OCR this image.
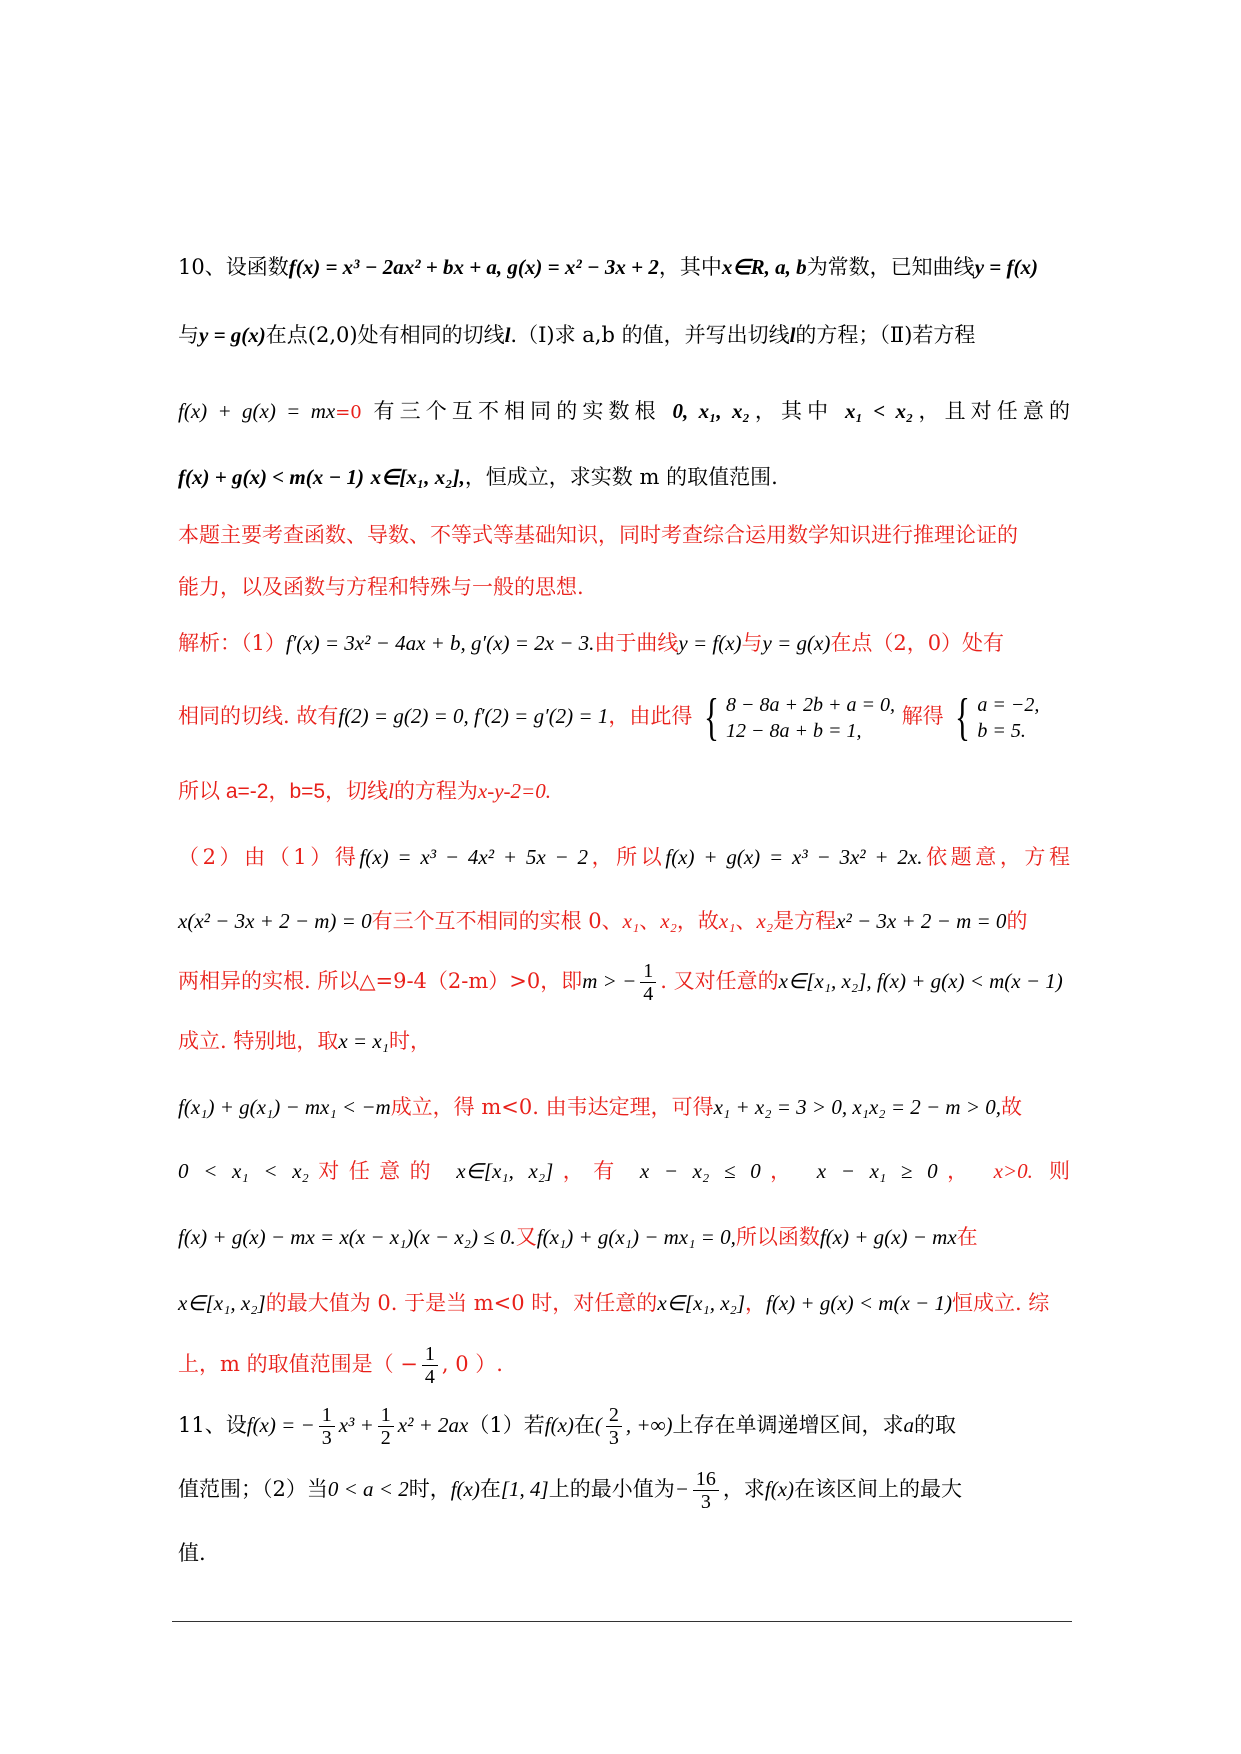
10、设函数f(x) = x³ − 2ax² + bx + a, g(x) = x² − 3x + 2，其中x∈R, a, b为常数，已知曲线y = f(x)
与y = g(x)在点(2,0)处有相同的切线l.（Ⅰ)求 a,b 的值，并写出切线l的方程；（Ⅱ)若方程
f(x) + g(x) = mx=0 有三个互不相同的实数根 0, x₁, x₂，其中 x₁ < x₂，且对任意的
f(x) + g(x) < m(x − 1) x∈[x₁, x₂],，恒成立，求实数 m 的取值范围.
本题主要考查函数、导数、不等式等基础知识，同时考查综合运用数学知识进行推理论证的
能力，以及函数与方程和特殊与一般的思想.
解析：（1）f′(x) = 3x² − 4ax + b, g′(x) = 2x − 3.由于曲线y = f(x)与y = g(x)在点（2，0）处有
相同的切线. 故有f(2) = g(2) = 0, f′(2) = g′(2) = 1，由此得 { 8 − 8a + 2b + a = 0,
12 − 8a + b = 1,
解得 { a = −2,
b = 5.
所以 a=-2，b=5，切线l的方程为x-y-2=0.
（2）由（1）得f(x) = x³ − 4x² + 5x − 2，所以f(x) + g(x) = x³ − 3x² + 2x.依题意，方程
x(x² − 3x + 2 − m) = 0有三个互不相同的实根 0、x₁、x₂，故x₁、x₂是方程x² − 3x + 2 − m = 0的
两相异的实根. 所以△=9-4（2-m）>0，即m > − $\frac{1}{4}$ . 又对任意的x∈[x₁, x₂], f(x) + g(x) < m(x − 1)
成立. 特别地，取x = x₁时，
f(x₁) + g(x₁) − mx₁ < −m成立，得 m<0. 由韦达定理，可得x₁ + x₂ = 3 > 0, x₁x₂ = 2 − m > 0,故
0 < x₁ < x₂对任意的 x∈[x₁, x₂]，有 x − x₂ ≤ 0， x − x₁ ≥ 0， x>0. 则
f(x) + g(x) − mx = x(x − x₁)(x − x₂) ≤ 0.又f(x₁) + g(x₁) − mx₁ = 0,所以函数f(x) + g(x) − mx在
x∈[x₁, x₂]的最大值为 0. 于是当 m<0 时，对任意的x∈[x₁, x₂]，f(x) + g(x) < m(x − 1)恒成立. 综
上，m 的取值范围是（ − $\frac{1}{4}$ , 0 ）.
11、设f(x) = − $\frac{1}{3} x^3 + \frac{1}{2} x^2 + 2ax(1)$若f(x)在( $\frac{2}{3}$ , +∞)上存在单调递增区间，求a的取
值范围；（2）当0 < a < 2时，f(x)在[1, 4]上的最小值为− $\frac{16}{3}$ ，求f(x)在该区间上的最大
值.
